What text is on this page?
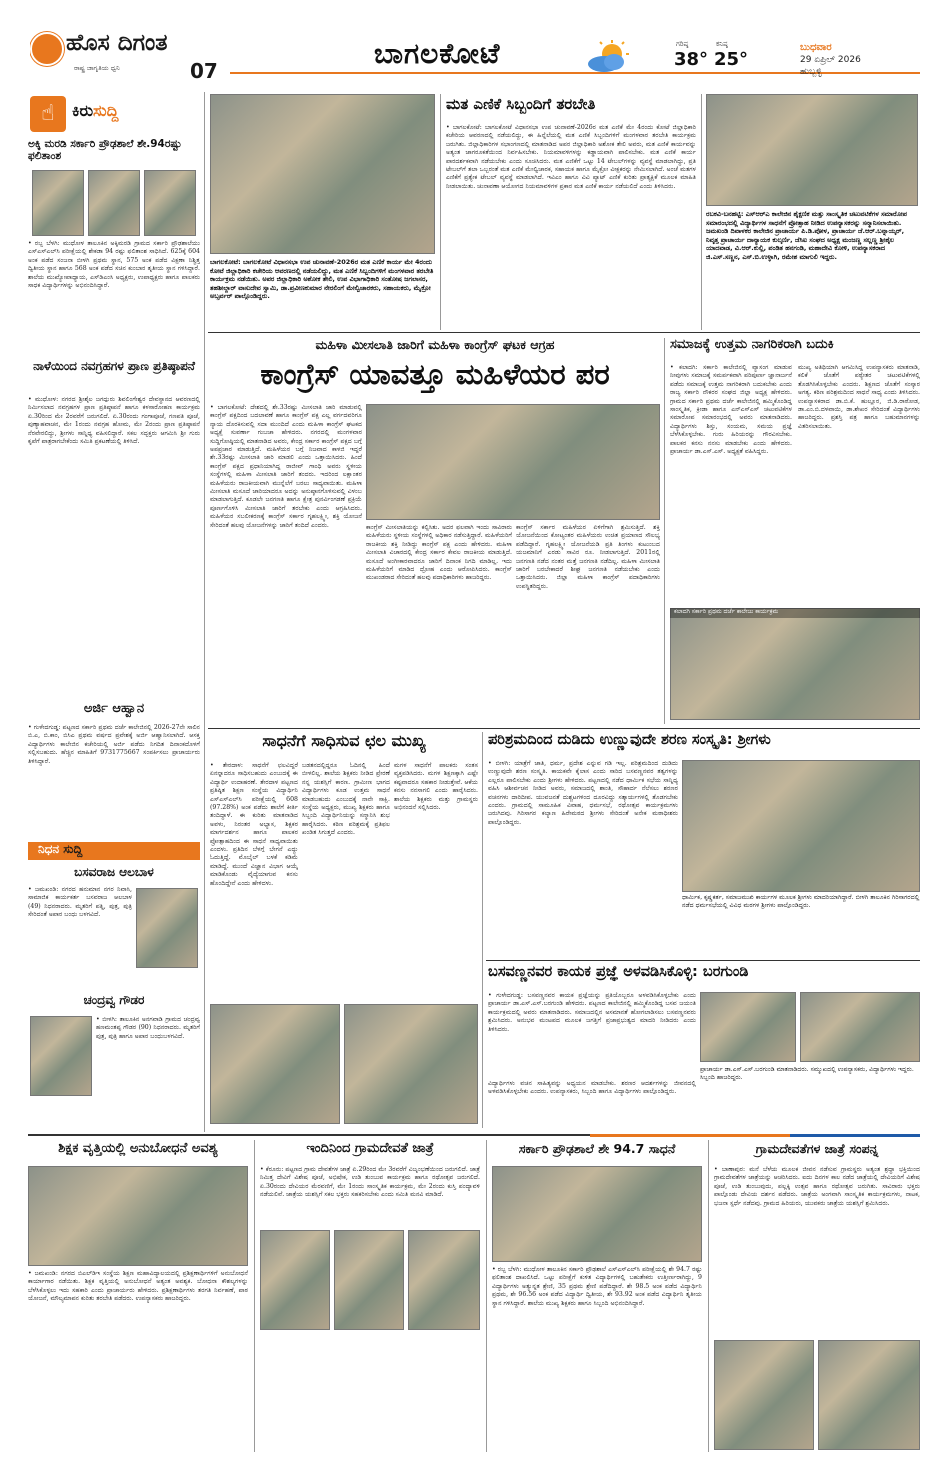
ಹೊಸ ದಿಗಂತ
ರಾಷ್ಟ್ರ ಜಾಗೃತಿಯ ಧ್ವನಿ	07
ಬಾಗಲಕೋಟೆ	ಗರಿಷ್ಠ
38°
ಕನಿಷ್ಠ
25°
ಬುಧವಾರ
29 ಏಪ್ರಿಲ್ 2026
ಹುಬ್ಬಳ್ಳಿ
☝	ಕಿರುಸುದ್ದಿ
ಅಕ್ಕಿ ಮರಡಿ ಸರ್ಕಾರಿ ಪ್ರೌಢಶಾಲೆ ಶೇ.94ರಷ್ಟು ಫಲಿತಾಂಶ
• ರಬ್ಬ ಬೆಳಗಿ: ಮುಧೋಳ ತಾಲೂಕಿನ ಅಕ್ಕಿಮರಡಿ ಗ್ರಾಮದ ಸರ್ಕಾರಿ ಪ್ರೌಢಶಾಲೆಯು ಎಸ್ಎಸ್ಎಲ್‌ಸಿ ಪರೀಕ್ಷೆಯಲ್ಲಿ ಶೇಕಡಾ 94 ರಷ್ಟು ಫಲಿತಾಂಶ ಸಾಧಿಸಿದೆ. 625ಕ್ಕೆ 604 ಅಂಕ ಪಡೆದ ಸಂಜನಾ ಬೀಳಗಿ ಪ್ರಥಮ ಸ್ಥಾನ, 575 ಅಂಕ ಪಡೆದ ವಿಕ್ಷಣಾ ನಿಶ್ಚಿತ್ತ ದ್ವಿತೀಯ ಸ್ಥಾನ ಹಾಗೂ 568 ಅಂಕ ಪಡೆದ ಸಚಿನ ಕುಂಬಾರ ತೃತೀಯ ಸ್ಥಾನ ಗಳಿಸಿದ್ದಾರೆ. ಶಾಲೆಯ ಮುಖ್ಯೋಪಾಧ್ಯಾಯ, ಎಸ್‌ಡಿಎಂಸಿ ಅಧ್ಯಕ್ಷರು, ಉಪಾಧ್ಯಕ್ಷರು ಹಾಗೂ ಪಾಲಕರು ಸಾಧಕ ವಿದ್ಯಾರ್ಥಿಗಳನ್ನು ಅಭಿನಂದಿಸಿದ್ದಾರೆ.
ನಾಳೆಯಿಂದ ನವಗ್ರಹಗಳ ಪ್ರಾಣ ಪ್ರತಿಷ್ಠಾಪನೆ
• ಮುಧೋಳ: ನಗರದ ಶ್ರೀಶೈಲ ಜಗದ್ಗುರು ಶಿವಲಿಂಗೇಶ್ವರ ದೇವಸ್ಥಾನದ ಆವರಣದಲ್ಲಿ ನಿರ್ಮಿಸಲಾದ ನವಗ್ರಹಗಳ ಪ್ರಾಣ ಪ್ರತಿಷ್ಠಾಪನೆ ಹಾಗೂ ಕಳಸಾರೋಹಣ ಕಾರ್ಯಕ್ರಮ ಏ.30ರಿಂದ ಮೇ 2ರವರೆಗೆ ಜರುಗಲಿದೆ. ಏ.30ರಂದು ಗಂಗಾಪೂಜೆ, ಗಣಪತಿ ಪೂಜೆ, ಪುಣ್ಯಾಹವಾಚನ, ಮೇ 1ರಂದು ನವಗ್ರಹ ಹೋಮ, ಮೇ 2ರಂದು ಪ್ರಾಣ ಪ್ರತಿಷ್ಠಾಪನೆ ನೆರವೇರಲಿದ್ದು, ಶ್ರೀಗಳು ಸಾನ್ನಿಧ್ಯ ವಹಿಸಲಿದ್ದಾರೆ. ಸಕಲ ಸದ್ಭಕ್ತರು ಆಗಮಿಸಿ ಶ್ರೀ ಗುರು ಕೃಪೆಗೆ ಪಾತ್ರರಾಗಬೇಕೆಂದು ಸಮಿತಿ ಪ್ರಕಟಣೆಯಲ್ಲಿ ತಿಳಿಸಿದೆ.
ಅರ್ಜಿ ಆಹ್ವಾನ
• ಗುಳೇದಗುಡ್ಡ: ಪಟ್ಟಣದ ಸರ್ಕಾರಿ ಪ್ರಥಮ ದರ್ಜೆ ಕಾಲೇಜಿನಲ್ಲಿ 2026-27ನೇ ಸಾಲಿನ ಬಿ.ಎ, ಬಿ.ಕಾಂ, ಬಿಸಿಎ ಪ್ರಥಮ ವರ್ಷದ ಪ್ರವೇಶಕ್ಕೆ ಅರ್ಜಿ ಆಹ್ವಾನಿಸಲಾಗಿದೆ. ಆಸಕ್ತ ವಿದ್ಯಾರ್ಥಿಗಳು ಕಾಲೇಜಿನ ಕಚೇರಿಯಲ್ಲಿ ಅರ್ಜಿ ಪಡೆದು ನಿಗದಿತ ದಿನಾಂಕದೊಳಗೆ ಸಲ್ಲಿಸಬಹುದು. ಹೆಚ್ಚಿನ ಮಾಹಿತಿಗೆ 9731775667 ಸಂಪರ್ಕಿಸಲು ಪ್ರಾಚಾರ್ಯರು ತಿಳಿಸಿದ್ದಾರೆ.
ನಿಧನ ಸುದ್ದಿ
ಬಸವರಾಜ ಆಲಬಾಳ
• ಜಮಖಂಡಿ: ನಗರದ ಹನುಮಾನ ನಗರ ನಿವಾಸಿ, ಸಾಮಾಜಿಕ ಕಾರ್ಯಕರ್ತ ಬಸವರಾಜ ಆಲಬಾಳ (49) ನಿಧನರಾದರು. ಮೃತರಿಗೆ ಪತ್ನಿ, ಪುತ್ರ, ಪುತ್ರಿ ಸೇರಿದಂತೆ ಅಪಾರ ಬಂಧು ಬಳಗವಿದೆ.
ಚಂದ್ರವ್ವ ಗೌಡರ
• ಬೀಳಗಿ: ತಾಲೂಕಿನ ಅನಗವಾಡಿ ಗ್ರಾಮದ ಚಂದ್ರವ್ವ ಹಣಮಂತಪ್ಪ ಗೌಡರ (90) ನಿಧನರಾದರು. ಮೃತರಿಗೆ ಪುತ್ರ, ಪುತ್ರಿ ಹಾಗೂ ಅಪಾರ ಬಂಧುಬಳಗವಿದೆ.
ಬಾಗಲಕೋಟೆ: ಬಾಗಲಕೋಟೆ ವಿಧಾನಸಭಾ ಉಪ ಚುನಾವಣೆ-2026ರ ಮತ ಎಣಿಕೆ ಕಾರ್ಯ ಮೇ 4ರಂದು ಕೋಟೆ ಜಿಲ್ಲಾಧಿಕಾರಿ ಕಚೇರಿಯ ಆವರಣದಲ್ಲಿ ನಡೆಯಲಿದ್ದು, ಮತ ಎಣಿಕೆ ಸಿಬ್ಬಂದಿಗಳಿಗೆ ಮಂಗಳವಾರ ತರಬೇತಿ ಕಾರ್ಯಕ್ರಮ ನಡೆಯಿತು. ಅಪರ ಜಿಲ್ಲಾಧಿಕಾರಿ ಅಶೋಕ ತೇಲಿ, ಉಪ ವಿಭಾಗಾಧಿಕಾರಿ ಸಂತೋಷ ಜಗಲಾಸರ, ತಹಶೀಲ್ದಾರ್ ವಾಸುದೇವ ಸ್ವಾಮಿ, ಡಾ.ಪ್ರವೀಣಕುಮಾರ ನೇರಲಿಂಗೆ ಮೇಲ್ವಿಚಾರಕರು, ಸಹಾಯಕರು, ಮೈಕ್ರೋ ಅಬ್ಸರ್ವರ್ ಪಾಲ್ಗೊಂಡಿದ್ದರು.
ಮತ ಎಣಿಕೆ ಸಿಬ್ಬಂದಿಗೆ ತರಬೇತಿ
• ಬಾಗಲಕೋಟೆ: ಬಾಗಲಕೋಟೆ ವಿಧಾನಸಭಾ ಉಪ ಚುನಾವಣೆ-2026ರ ಮತ ಎಣಿಕೆ ಮೇ 4ರಂದು ಕೋಟೆ ಜಿಲ್ಲಾಧಿಕಾರಿ ಕಚೇರಿಯ ಆವರಣದಲ್ಲಿ ನಡೆಯಲಿದ್ದು, ಈ ಹಿನ್ನೆಲೆಯಲ್ಲಿ ಮತ ಎಣಿಕೆ ಸಿಬ್ಬಂದಿಗಳಿಗೆ ಮಂಗಳವಾರ ತರಬೇತಿ ಕಾರ್ಯಕ್ರಮ ಜರುಗಿತು. ಜಿಲ್ಲಾಧಿಕಾರಿಗಳ ಸಭಾಂಗಣದಲ್ಲಿ ಮಾತನಾಡಿದ ಅಪರ ಜಿಲ್ಲಾಧಿಕಾರಿ ಅಶೋಕ ತೇಲಿ ಅವರು, ಮತ ಎಣಿಕೆ ಕಾರ್ಯವನ್ನು ಅತ್ಯಂತ ಜಾಗರೂಕತೆಯಿಂದ ನಿರ್ವಹಿಸಬೇಕು. ನಿಯಮಾವಳಿಗಳನ್ನು ಕಡ್ಡಾಯವಾಗಿ ಪಾಲಿಸಬೇಕು. ಮತ ಎಣಿಕೆ ಕಾರ್ಯ ಪಾರದರ್ಶಕವಾಗಿ ನಡೆಯಬೇಕು ಎಂದು ಸೂಚಿಸಿದರು. ಮತ ಎಣಿಕೆಗೆ ಒಟ್ಟು 14 ಟೇಬಲ್‌ಗಳನ್ನು ವ್ಯವಸ್ಥೆ ಮಾಡಲಾಗಿದ್ದು, ಪ್ರತಿ ಟೇಬಲ್‌ಗೆ ತಲಾ ಒಬ್ಬರಂತೆ ಮತ ಎಣಿಕೆ ಮೇಲ್ವಿಚಾರಕ, ಸಹಾಯಕ ಹಾಗೂ ಮೈಕ್ರೋ ವೀಕ್ಷಕರನ್ನು ನೇಮಿಸಲಾಗಿದೆ. ಅಂಚೆ ಮತಗಳ ಎಣಿಕೆಗೆ ಪ್ರತ್ಯೇಕ ಟೇಬಲ್ ವ್ಯವಸ್ಥೆ ಮಾಡಲಾಗಿದೆ. ಇವಿಎಂ ಹಾಗೂ ವಿವಿ ಪ್ಯಾಟ್ ಎಣಿಕೆ ಕುರಿತು ಪ್ರಾತ್ಯಕ್ಷಿಕೆ ಮೂಲಕ ಮಾಹಿತಿ ನೀಡಲಾಯಿತು. ಚುನಾವಣಾ ಆಯೋಗದ ನಿಯಮಾವಳಿಗಳ ಪ್ರಕಾರ ಮತ ಎಣಿಕೆ ಕಾರ್ಯ ನಡೆಯಲಿದೆ ಎಂದು ತಿಳಿಸಿದರು.
ರಬಕವಿ-ಬನಹಟ್ಟಿ: ಎಸ್‌ಆರ್‌ಎ ಕಾಲೇಜಿನ ಶೈಕ್ಷಣಿಕ ಮತ್ತು ಸಾಂಸ್ಕೃತಿಕ ಚಟುವಟಿಕೆಗಳ ಸಮಾರೋಪ ಸಮಾರಂಭದಲ್ಲಿ ವಿದ್ಯಾರ್ಥಿಗಳ ಸಾಧನೆಗೆ ಪ್ರೋತ್ಸಾಹ ನೀಡಿದ ಉಪನ್ಯಾಸಕರನ್ನು ಸನ್ಮಾನಿಸಲಾಯಿತು. ಜಮಖಂಡಿ ದಿವಾಳಕರ ಕಾಲೇಜಿನ ಪ್ರಾಚಾರ್ಯ ಪಿ.ಡಿ.ಪೋಳ, ಪ್ರಾಚಾರ್ಯ ಜೆ.ಆರ್.ಬನ್ನಾಯ್ಕರ್, ನಿವೃತ್ತ ಪ್ರಾಚಾರ್ಯ ದಾನ್ಯಾಯಕ ಕುಲ್ಕರ್ಣಿ, ಜೆಸಿಐ ಸಂಘದ ಅಧ್ಯಕ್ಷ ಮಂಜಣ್ಣ ಸಲ್ಲಣ್ಣ ಶ್ರೀಶೈಲ ಯಾದವಾಡ, ವಿ.ಆರ್.ಕುಲ್ಲಿ, ಪಂಡಿತ ಹನಗಂಡಿ, ಮಹಾದೇವಿ ಕೋಳಿ, ಉಪನ್ಯಾಸಕರಾದ ಜಿ.ಎಸ್.ಸಣ್ಣನ, ಎಸ್.ಬಿ.ಉಳ್ಳಾಗಿ, ರಮೇಶ ಮಾಗುಲಿ ಇದ್ದರು.
ಮಹಿಳಾ ಮೀಸಲಾತಿ ಜಾರಿಗೆ ಮಹಿಳಾ ಕಾಂಗ್ರೆಸ್ ಘಟಕ ಆಗ್ರಹ
ಕಾಂಗ್ರೆಸ್ ಯಾವತ್ತೂ ಮಹಿಳೆಯರ ಪರ
• ಬಾಗಲಕೋಟೆ: ದೇಶದಲ್ಲಿ ಶೇ.33ರಷ್ಟು ಮೀಸಲಾತಿ ಜಾರಿ ಮಾಡುವಲ್ಲಿ ಕಾಂಗ್ರೆಸ್ ಪಕ್ಷದಿಂದ ಬದಲಾವಣೆ ಹಾಗೂ ಕಾಂಗ್ರೆಸ್ ಪಕ್ಷ ಎಲ್ಲ ವರ್ಗದವರಿಗೂ ನ್ಯಾಯ ದೊರಕಿಸುವಲ್ಲಿ ಸದಾ ಮುಂದಿದೆ ಎಂದು ಮಹಿಳಾ ಕಾಂಗ್ರೆಸ್ ಘಟಕದ ಅಧ್ಯಕ್ಷೆ ಸುವರ್ಣಾ ಗುಬಚಾ ಹೇಳಿದರು. ನಗರದಲ್ಲಿ ಮಂಗಳವಾರ ಸುದ್ದಿಗೋಷ್ಠಿಯಲ್ಲಿ ಮಾತನಾಡಿದ ಅವರು, ಕೇಂದ್ರ ಸರ್ಕಾರ ಕಾಂಗ್ರೆಸ್ ಪಕ್ಷದ ಬಗ್ಗೆ ಅಪಪ್ರಚಾರ ಮಾಡುತ್ತಿದೆ. ಮಹಿಳೆಯರ ಬಗ್ಗೆ ನಿಜವಾದ ಕಾಳಜಿ ಇದ್ದರೆ ಶೇ.33ರಷ್ಟು ಮೀಸಲಾತಿ ಜಾರಿ ಮಾಡಲಿ ಎಂದು ಒತ್ತಾಯಿಸಿದರು. ಹಿಂದೆ ಕಾಂಗ್ರೆಸ್ ಪಕ್ಷದ ಪ್ರಧಾನಿಯಾಗಿದ್ದ ರಾಜೀವ್ ಗಾಂಧಿ ಅವರು ಸ್ಥಳೀಯ ಸಂಸ್ಥೆಗಳಲ್ಲಿ ಮಹಿಳಾ ಮೀಸಲಾತಿ ಜಾರಿಗೆ ತಂದರು. ಇದರಿಂದ ಲಕ್ಷಾಂತರ ಮಹಿಳೆಯರು ರಾಜಕೀಯವಾಗಿ ಮುನ್ನೆಲೆಗೆ ಬರಲು ಸಾಧ್ಯವಾಯಿತು. ಮಹಿಳಾ ಮೀಸಲಾತಿ ಮಸೂದೆ ಜಾರಿಯಾದರೂ ಅದನ್ನು ಅನುಷ್ಠಾನಗೊಳಿಸುವಲ್ಲಿ ವಿಳಂಬ ಮಾಡಲಾಗುತ್ತಿದೆ. ಕೂಡಲೇ ಜನಗಣತಿ ಹಾಗೂ ಕ್ಷೇತ್ರ ಪುನರ್ವಿಂಗಡಣೆ ಪ್ರಕ್ರಿಯೆ ಪೂರ್ಣಗೊಳಿಸಿ ಮೀಸಲಾತಿ ಜಾರಿಗೆ ತರಬೇಕು ಎಂದು ಆಗ್ರಹಿಸಿದರು. ಮಹಿಳೆಯರ ಸಬಲೀಕರಣಕ್ಕೆ ಕಾಂಗ್ರೆಸ್ ಸರ್ಕಾರ ಗೃಹಲಕ್ಷ್ಮೀ, ಶಕ್ತಿ ಯೋಜನೆ ಸೇರಿದಂತೆ ಹಲವು ಯೋಜನೆಗಳನ್ನು ಜಾರಿಗೆ ತಂದಿದೆ ಎಂದರು.	ಕಾಂಗ್ರೆಸ್ ಮೀಸಲಾತಿಯನ್ನು ಕಲ್ಪಿಸಿತು. ಅದರ ಫಲವಾಗಿ ಇಂದು ಸಾವಿರಾರು ಮಹಿಳೆಯರು ಸ್ಥಳೀಯ ಸಂಸ್ಥೆಗಳಲ್ಲಿ ಅಧಿಕಾರ ನಡೆಸುತ್ತಿದ್ದಾರೆ. ಮಹಿಳೆಯರಿಗೆ ರಾಜಕೀಯ ಶಕ್ತಿ ನೀಡಿದ್ದು ಕಾಂಗ್ರೆಸ್ ಪಕ್ಷ ಎಂದು ಹೇಳಿದರು. ಮಹಿಳಾ ಮೀಸಲಾತಿ ವಿಚಾರದಲ್ಲಿ ಕೇಂದ್ರ ಸರ್ಕಾರ ಕೇವಲ ರಾಜಕೀಯ ಮಾಡುತ್ತಿದೆ. ಮಸೂದೆ ಅಂಗೀಕಾರವಾದರೂ ಜಾರಿಗೆ ದಿನಾಂಕ ನಿಗದಿ ಮಾಡಿಲ್ಲ. ಇದು ಮಹಿಳೆಯರಿಗೆ ಮಾಡಿದ ದ್ರೋಹ ಎಂದು ಆರೋಪಿಸಿದರು. ಕಾಂಗ್ರೆಸ್ ಮುಖಂಡರಾದ ಸೇರಿದಂತೆ ಹಲವು ಪದಾಧಿಕಾರಿಗಳು ಹಾಜರಿದ್ದರು.
ಕಾಂಗ್ರೆಸ್ ಸರ್ಕಾರ ಮಹಿಳೆಯರ ಏಳಿಗೆಗಾಗಿ ಶ್ರಮಿಸುತ್ತಿದೆ. ಶಕ್ತಿ ಯೋಜನೆಯಿಂದ ಕೋಟ್ಯಂತರ ಮಹಿಳೆಯರು ಉಚಿತ ಪ್ರಯಾಣದ ಸೌಲಭ್ಯ ಪಡೆದಿದ್ದಾರೆ. ಗೃಹಲಕ್ಷ್ಮೀ ಯೋಜನೆಯಡಿ ಪ್ರತಿ ತಿಂಗಳು ಕುಟುಂಬದ ಯಜಮಾನಿಗೆ ಎರಡು ಸಾವಿರ ರೂ. ನೀಡಲಾಗುತ್ತಿದೆ. 2011ರಲ್ಲಿ ಜನಗಣತಿ ನಡೆದ ನಂತರ ಮತ್ತೆ ಜನಗಣತಿ ನಡೆದಿಲ್ಲ. ಮಹಿಳಾ ಮೀಸಲಾತಿ ಜಾರಿಗೆ ಬರಬೇಕಾದರೆ ಶೀಘ್ರ ಜನಗಣತಿ ನಡೆಯಬೇಕು ಎಂದು ಒತ್ತಾಯಿಸಿದರು. ಜಿಲ್ಲಾ ಮಹಿಳಾ ಕಾಂಗ್ರೆಸ್ ಪದಾಧಿಕಾರಿಗಳು ಉಪಸ್ಥಿತರಿದ್ದರು.
ಸಮಾಜಕ್ಕೆ ಉತ್ತಮ ನಾಗರಿಕರಾಗಿ ಬದುಕಿ
• ಕಲಾದಗಿ: ಸರ್ಕಾರಿ ಕಾಲೇಜಿನಲ್ಲಿ ವ್ಯಾಸಂಗ ಮಾಡುವ ನೀವುಗಳು ಸಮಾಜಕ್ಕೆ ಸಮರ್ಪಕವಾಗಿ ಪರಿಪೂರ್ಣ ಜ್ಞಾನಾರ್ಜನೆ ಪಡೆದು ಸಮಾಜಕ್ಕೆ ಉತ್ತಮ ನಾಗರಿಕರಾಗಿ ಬದುಕಬೇಕು ಎಂದು ರಾಜ್ಯ ಸರ್ಕಾರಿ ನೌಕರರ ಸಂಘದ ಜಿಲ್ಲಾ ಅಧ್ಯಕ್ಷ ಹೇಳಿದರು. ಗ್ರಾಮದ ಸರ್ಕಾರಿ ಪ್ರಥಮ ದರ್ಜೆ ಕಾಲೇಜಿನಲ್ಲಿ ಹಮ್ಮಿಕೊಂಡಿದ್ದ ಸಾಂಸ್ಕೃತಿಕ, ಕ್ರೀಡಾ ಹಾಗೂ ಎನ್ಎಸ್ಎಸ್ ಚಟುವಟಿಕೆಗಳ ಸಮಾರೋಪ ಸಮಾರಂಭದಲ್ಲಿ ಅವರು ಮಾತನಾಡಿದರು. ವಿದ್ಯಾರ್ಥಿಗಳು ಶಿಸ್ತು, ಸಂಯಮ, ಸಮಯ ಪ್ರಜ್ಞೆ ಬೆಳೆಸಿಕೊಳ್ಳಬೇಕು. ಗುರು ಹಿರಿಯರನ್ನು ಗೌರವಿಸಬೇಕು. ಪಾಲಕರ ಕನಸು ನನಸು ಮಾಡಬೇಕು ಎಂದು ಹೇಳಿದರು. ಪ್ರಾಚಾರ್ಯ ಡಾ.ಎಸ್.ಎಸ್. ಅಧ್ಯಕ್ಷತೆ ವಹಿಸಿದ್ದರು.
ಮುಖ್ಯ ಅತಿಥಿಯಾಗಿ ಆಗಮಿಸಿದ್ದ ಉಪನ್ಯಾಸಕರು ಮಾತನಾಡಿ, ಕಲಿಕೆ ಜೊತೆಗೆ ಪಠ್ಯೇತರ ಚಟುವಟಿಕೆಗಳಲ್ಲಿ ತೊಡಗಿಸಿಕೊಳ್ಳಬೇಕು ಎಂದರು. ಶಿಕ್ಷಣದ ಜೊತೆಗೆ ಸಂಸ್ಕಾರ ಅಗತ್ಯ. ಕಠಿಣ ಪರಿಶ್ರಮದಿಂದ ಸಾಧನೆ ಸಾಧ್ಯ ಎಂದು ತಿಳಿಸಿದರು. ಉಪನ್ಯಾಸಕರಾದ ಡಾ.ಬಿ.ಕೆ. ಹುಲ್ಲೂರ, ಜಿ.ಡಿ.ರಾಠೋಡ, ಡಾ.ಎಂ.ಬಿ.ದಳವಾಯಿ, ಡಾ.ಶೇಖರ ಸೇರಿದಂತೆ ವಿದ್ಯಾರ್ಥಿಗಳು ಹಾಜರಿದ್ದರು. ಪ್ರಶಸ್ತಿ ಪತ್ರ ಹಾಗೂ ಬಹುಮಾನಗಳನ್ನು ವಿತರಿಸಲಾಯಿತು.
ಕಲಾದಗಿ ಸರ್ಕಾರಿ ಪ್ರಥಮ ದರ್ಜೆ ಕಾಲೇಜು ಕಾರ್ಯಕ್ರಮ
ಸಾಧನೆಗೆ ಸಾಧಿಸುವ ಛಲ ಮುಖ್ಯ
• ತೇರದಾಳ: ಸಾಧನೆಗೆ ಛಲವಿದ್ದರೆ ಏನನ್ನಾದರೂ ಸಾಧಿಸಬಹುದು ಎಂಬುದಕ್ಕೆ ಈ ವಿದ್ಯಾರ್ಥಿ ಉದಾಹರಣೆ. ತೇರದಾಳ ಪಟ್ಟಣದ ಪ್ರತಿಷ್ಠಿತ ಶಿಕ್ಷಣ ಸಂಸ್ಥೆಯ ವಿದ್ಯಾರ್ಥಿನಿ ಎಸ್ಎಸ್ಎಲ್‌ಸಿ ಪರೀಕ್ಷೆಯಲ್ಲಿ 608 (97.28%) ಅಂಕ ಪಡೆದು ಶಾಲೆಗೆ ಕೀರ್ತಿ ತಂದಿದ್ದಾಳೆ. ಈ ಕುರಿತು ಮಾತನಾಡಿದ ಅವಳು, ನಿರಂತರ ಅಭ್ಯಾಸ, ಶಿಕ್ಷಕರ ಮಾರ್ಗದರ್ಶನ ಹಾಗೂ ಪಾಲಕರ ಪ್ರೋತ್ಸಾಹದಿಂದ ಈ ಸಾಧನೆ ಸಾಧ್ಯವಾಯಿತು ಎಂದಳು. ಪ್ರತಿದಿನ ಬೆಳಗ್ಗೆ ಬೇಗನೆ ಎದ್ದು ಓದುತ್ತಿದ್ದೆ. ಮೊಬೈಲ್ ಬಳಕೆ ಕಡಿಮೆ ಮಾಡಿದ್ದೆ. ಮುಂದೆ ವಿಜ್ಞಾನ ವಿಭಾಗ ಆಯ್ಕೆ ಮಾಡಿಕೊಂಡು ವೈದ್ಯೆಯಾಗುವ ಕನಸು ಹೊಂದಿದ್ದೇನೆ ಎಂದು ಹೇಳಿದಳು.
ಬಡತನದಲ್ಲಿದ್ದರೂ ಓದಿನಲ್ಲಿ ಹಿಂದೆ ಬೀಳಲಿಲ್ಲ. ಶಾಲೆಯ ಶಿಕ್ಷಕರು ನೀಡಿದ ಪ್ರೇರಣೆ ನನ್ನ ಯಶಸ್ಸಿಗೆ ಕಾರಣ. ಗ್ರಾಮೀಣ ಭಾಗದ ವಿದ್ಯಾರ್ಥಿಗಳು ಕೂಡ ಉತ್ತಮ ಸಾಧನೆ ಮಾಡಬಹುದು ಎಂಬುದಕ್ಕೆ ನಾನೇ ಸಾಕ್ಷಿ. ಸಂಸ್ಥೆಯ ಅಧ್ಯಕ್ಷರು, ಮುಖ್ಯ ಶಿಕ್ಷಕರು ಹಾಗೂ ಸಿಬ್ಬಂದಿ ವಿದ್ಯಾರ್ಥಿನಿಯನ್ನು ಸನ್ಮಾನಿಸಿ ಶುಭ ಹಾರೈಸಿದರು. ಕಠಿಣ ಪರಿಶ್ರಮಕ್ಕೆ ಪ್ರತಿಫಲ ಖಂಡಿತ ಸಿಗುತ್ತದೆ ಎಂದರು.
ಮಗಳ ಸಾಧನೆಗೆ ಪಾಲಕರು ಸಂತಸ ವ್ಯಕ್ತಪಡಿಸಿದರು. ಮಗಳ ಶಿಕ್ಷಣಕ್ಕಾಗಿ ಎಷ್ಟೇ ಕಷ್ಟವಾದರೂ ಸಹಕಾರ ನೀಡುತ್ತೇವೆ. ಆಕೆಯ ಕನಸು ನನಸಾಗಲಿ ಎಂದು ಹಾರೈಸಿದರು. ಶಾಲೆಯ ಶಿಕ್ಷಕರು ಮತ್ತು ಗ್ರಾಮಸ್ಥರು ಅಭಿನಂದನೆ ಸಲ್ಲಿಸಿದರು.
ಪರಿಶ್ರಮದಿಂದ ದುಡಿದು ಉಣ್ಣುವುದೇ ಶರಣ ಸಂಸ್ಕೃತಿ: ಶ್ರೀಗಳು
• ಬೀಳಗಿ: ಯಾತ್ರೆಗೆ ಜಾತಿ, ಧರ್ಮ, ಪ್ರದೇಶ ಎನ್ನುವ ಗಡಿ ಇಲ್ಲ. ಪರಿಶ್ರಮದಿಂದ ದುಡಿದು ಉಣ್ಣುವುದೇ ಶರಣ ಸಂಸ್ಕೃತಿ. ಕಾಯಕವೇ ಕೈಲಾಸ ಎಂದು ಸಾರಿದ ಬಸವಣ್ಣನವರ ತತ್ವಗಳನ್ನು ಎಲ್ಲರೂ ಪಾಲಿಸಬೇಕು ಎಂದು ಶ್ರೀಗಳು ಹೇಳಿದರು. ಪಟ್ಟಣದಲ್ಲಿ ನಡೆದ ಧಾರ್ಮಿಕ ಸಭೆಯ ಸಾನ್ನಿಧ್ಯ ವಹಿಸಿ ಆಶೀರ್ವಚನ ನೀಡಿದ ಅವರು, ಸಮಾಜದಲ್ಲಿ ಶಾಂತಿ, ಸೌಹಾರ್ದ ನೆಲೆಸಲು ಶರಣರ ವಚನಗಳು ದಾರಿದೀಪ. ಯುವಜನತೆ ದುಶ್ಚಟಗಳಿಂದ ದೂರವಿದ್ದು ಸತ್ಕಾರ್ಯಗಳಲ್ಲಿ ತೊಡಗಬೇಕು ಎಂದರು. ಗ್ರಾಮದಲ್ಲಿ ಸಾಮೂಹಿಕ ವಿವಾಹ, ಧರ್ಮಸಭೆ, ರಥೋತ್ಸವ ಕಾರ್ಯಕ್ರಮಗಳು ಜರುಗಿದವು. ಗಿರಿಸಾಗರ ಕಲ್ಯಾಣ ಹಿರೇಮಠದ ಶ್ರೀಗಳು ಸೇರಿದಂತೆ ಅನೇಕ ಮಠಾಧೀಶರು ಪಾಲ್ಗೊಂಡಿದ್ದರು.
ಧಾರ್ಮಿಕ, ಕೃಷ್ಣಕರ್ತ, ಸಮಾಜಮುಖಿ ಕಾರ್ಯಗಳ ಮೂಲಕ ಶ್ರೀಗಳು ಮಾದರಿಯಾಗಿದ್ದಾರೆ. ಬೀಳಗಿ ತಾಲೂಕಿನ ಗಿರಿಸಾಗರದಲ್ಲಿ ನಡೆದ ಧರ್ಮಸಭೆಯಲ್ಲಿ ವಿವಿಧ ಮಠಗಳ ಶ್ರೀಗಳು ಪಾಲ್ಗೊಂಡಿದ್ದರು.
ಬಸವಣ್ಣನವರ ಕಾಯಕ ಪ್ರಜ್ಞೆ ಅಳವಡಿಸಿಕೊಳ್ಳಿ: ಬರಗುಂಡಿ
• ಗುಳೇದಗುಡ್ಡ: ಬಸವಣ್ಣನವರ ಕಾಯಕ ಪ್ರಜ್ಞೆಯನ್ನು ಪ್ರತಿಯೊಬ್ಬರೂ ಅಳವಡಿಸಿಕೊಳ್ಳಬೇಕು ಎಂದು ಪ್ರಾಚಾರ್ಯ ಡಾ.ಎಸ್.ಎಸ್.ಬರಗುಂಡಿ ಹೇಳಿದರು. ಪಟ್ಟಣದ ಕಾಲೇಜಿನಲ್ಲಿ ಹಮ್ಮಿಕೊಂಡಿದ್ದ ಬಸವ ಜಯಂತಿ ಕಾರ್ಯಕ್ರಮದಲ್ಲಿ ಅವರು ಮಾತನಾಡಿದರು. ಸಮಾಜದಲ್ಲಿನ ಅಸಮಾನತೆ ಹೋಗಲಾಡಿಸಲು ಬಸವಣ್ಣನವರು ಶ್ರಮಿಸಿದರು. ಅನುಭವ ಮಂಟಪದ ಮೂಲಕ ಜಗತ್ತಿಗೆ ಪ್ರಜಾಪ್ರಭುತ್ವದ ಮಾದರಿ ನೀಡಿದರು ಎಂದು ತಿಳಿಸಿದರು.
ವಿದ್ಯಾರ್ಥಿಗಳು ವಚನ ಸಾಹಿತ್ಯವನ್ನು ಅಧ್ಯಯನ ಮಾಡಬೇಕು. ಶರಣರ ಆದರ್ಶಗಳನ್ನು ಜೀವನದಲ್ಲಿ ಅಳವಡಿಸಿಕೊಳ್ಳಬೇಕು ಎಂದರು. ಉಪನ್ಯಾಸಕರು, ಸಿಬ್ಬಂದಿ ಹಾಗೂ ವಿದ್ಯಾರ್ಥಿಗಳು ಪಾಲ್ಗೊಂಡಿದ್ದರು.
ಪ್ರಾಚಾರ್ಯ ಡಾ.ಎಸ್.ಎಸ್.ಬರಗುಂಡಿ ಮಾತನಾಡಿದರು. ಸಮ್ಮುಖದಲ್ಲಿ ಉಪನ್ಯಾಸಕರು, ವಿದ್ಯಾರ್ಥಿಗಳು ಇದ್ದರು. ಸಿಬ್ಬಂದಿ ಹಾಜರಿದ್ದರು.
ಶಿಕ್ಷಕ ವೃತ್ತಿಯಲ್ಲಿ ಅನುಬೋಧನೆ ಅವಶ್ಯ
• ಜಮಖಂಡಿ: ನಗರದ ಬಿಎಲ್‌ಡಿಇ ಸಂಸ್ಥೆಯ ಶಿಕ್ಷಣ ಮಹಾವಿದ್ಯಾಲಯದಲ್ಲಿ ಪ್ರಶಿಕ್ಷಣಾರ್ಥಿಗಳಿಗೆ ಅನುಬೋಧನೆ ಕಾರ್ಯಾಗಾರ ನಡೆಯಿತು. ಶಿಕ್ಷಕ ವೃತ್ತಿಯಲ್ಲಿ ಅನುಬೋಧನೆ ಅತ್ಯಂತ ಅವಶ್ಯಕ. ಬೋಧನಾ ಕೌಶಲ್ಯಗಳನ್ನು ಬೆಳೆಸಿಕೊಳ್ಳಲು ಇದು ಸಹಕಾರಿ ಎಂದು ಪ್ರಾಚಾರ್ಯರು ಹೇಳಿದರು. ಪ್ರಶಿಕ್ಷಣಾರ್ಥಿಗಳು ತರಗತಿ ನಿರ್ವಹಣೆ, ಪಾಠ ಯೋಜನೆ, ಮೌಲ್ಯಮಾಪನ ಕುರಿತು ತರಬೇತಿ ಪಡೆದರು. ಉಪನ್ಯಾಸಕರು ಹಾಜರಿದ್ದರು.
ಇಂದಿನಿಂದ ಗ್ರಾಮದೇವತೆ ಜಾತ್ರೆ
• ಕೆರೂರು: ಪಟ್ಟಣದ ಗ್ರಾಮ ದೇವತೆಗಳ ಜಾತ್ರೆ ಏ.29ರಿಂದ ಮೇ 3ರವರೆಗೆ ವಿಜೃಂಭಣೆಯಿಂದ ಜರುಗಲಿದೆ. ಜಾತ್ರೆ ನಿಮಿತ್ತ ದೇವಿಗೆ ವಿಶೇಷ ಪೂಜೆ, ಅಭಿಷೇಕ, ಉಡಿ ತುಂಬುವ ಕಾರ್ಯಕ್ರಮ ಹಾಗೂ ರಥೋತ್ಸವ ಜರುಗಲಿದೆ. ಏ.30ರಂದು ದೇವಿಯರ ಮೆರವಣಿಗೆ, ಮೇ 1ರಂದು ಸಾಂಸ್ಕೃತಿಕ ಕಾರ್ಯಕ್ರಮ, ಮೇ 2ರಂದು ಕುಸ್ತಿ ಪಂದ್ಯಾವಳಿ ನಡೆಯಲಿವೆ. ಜಾತ್ರೆಯ ಯಶಸ್ಸಿಗೆ ಸಕಲ ಭಕ್ತರು ಸಹಕರಿಸಬೇಕು ಎಂದು ಸಮಿತಿ ಮನವಿ ಮಾಡಿದೆ.
ಸರ್ಕಾರಿ ಪ್ರೌಢಶಾಲೆ ಶೇ 94.7 ಸಾಧನೆ
• ರಬ್ಬ ಬೆಳಗಿ: ಮುಧೋಳ ತಾಲೂಕಿನ ಸರ್ಕಾರಿ ಪ್ರೌಢಶಾಲೆ ಎಸ್ಎಸ್ಎಲ್‌ಸಿ ಪರೀಕ್ಷೆಯಲ್ಲಿ ಶೇ 94.7 ರಷ್ಟು ಫಲಿತಾಂಶ ದಾಖಲಿಸಿದೆ. ಒಟ್ಟು ಪರೀಕ್ಷೆಗೆ ಕುಳಿತ ವಿದ್ಯಾರ್ಥಿಗಳಲ್ಲಿ ಬಹುತೇಕರು ಉತ್ತೀರ್ಣರಾಗಿದ್ದು, 9 ವಿದ್ಯಾರ್ಥಿಗಳು ಅತ್ಯುನ್ನತ ಶ್ರೇಣಿ, 35 ಪ್ರಥಮ ಶ್ರೇಣಿ ಪಡೆದಿದ್ದಾರೆ. ಶೇ 98.5 ಅಂಕ ಪಡೆದ ವಿದ್ಯಾರ್ಥಿನಿ ಪ್ರಥಮ, ಶೇ 96.56 ಅಂಕ ಪಡೆದ ವಿದ್ಯಾರ್ಥಿ ದ್ವಿತೀಯ, ಶೇ 93.92 ಅಂಕ ಪಡೆದ ವಿದ್ಯಾರ್ಥಿನಿ ತೃತೀಯ ಸ್ಥಾನ ಗಳಿಸಿದ್ದಾರೆ. ಶಾಲೆಯ ಮುಖ್ಯ ಶಿಕ್ಷಕರು ಹಾಗೂ ಸಿಬ್ಬಂದಿ ಅಭಿನಂದಿಸಿದ್ದಾರೆ.
ಗ್ರಾಮದೇವತೆಗಳ ಜಾತ್ರೆ ಸಂಪನ್ನ
• ಬಾಣಾಪುರ: ಮನೆ ಬೆಳೆಯ ಮೂಲಕ ಜೀವನ ನಡೆಸುವ ಗ್ರಾಮಸ್ಥರು ಅತ್ಯಂತ ಶ್ರದ್ಧಾ ಭಕ್ತಿಯಿಂದ ಗ್ರಾಮದೇವತೆಗಳ ಜಾತ್ರೆಯನ್ನು ಆಚರಿಸಿದರು. ಐದು ದಿನಗಳ ಕಾಲ ನಡೆದ ಜಾತ್ರೆಯಲ್ಲಿ ದೇವಿಯರಿಗೆ ವಿಶೇಷ ಪೂಜೆ, ಉಡಿ ತುಂಬುವುದು, ಪಲ್ಲಕ್ಕಿ ಉತ್ಸವ ಹಾಗೂ ರಥೋತ್ಸವ ಜರುಗಿತು. ಸಾವಿರಾರು ಭಕ್ತರು ಪಾಲ್ಗೊಂಡು ದೇವಿಯ ದರ್ಶನ ಪಡೆದರು. ಜಾತ್ರೆಯ ಅಂಗವಾಗಿ ಸಾಂಸ್ಕೃತಿಕ ಕಾರ್ಯಕ್ರಮಗಳು, ನಾಟಕ, ಭಜನಾ ಸ್ಪರ್ಧೆ ನಡೆದವು. ಗ್ರಾಮದ ಹಿರಿಯರು, ಯುವಕರು ಜಾತ್ರೆಯ ಯಶಸ್ಸಿಗೆ ಶ್ರಮಿಸಿದರು.
